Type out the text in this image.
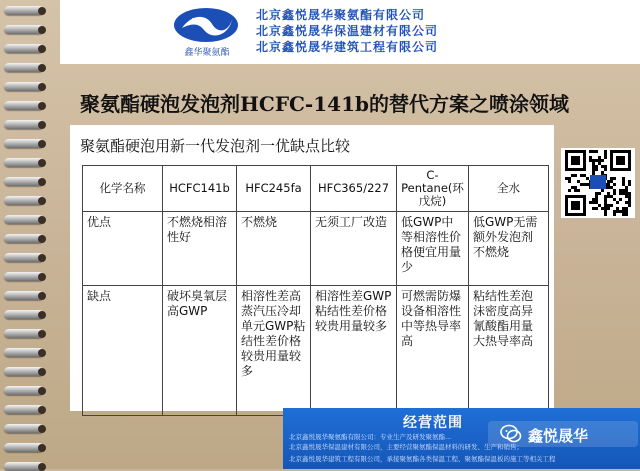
鑫华聚氨酯
北京鑫悦晟华聚氨酯有限公司
北京鑫悦晟华保温建材有限公司
北京鑫悦晟华建筑工程有限公司
聚氨酯硬泡发泡剂HCFC-141b的替代方案之喷涂领域
聚氨酯硬泡用新一代发泡剂一优缺点比较
化学名称	HCFC141b	HFC245fa	HFC365/227	C-Pentane(环戊烷)	全水
优点	不燃烧相溶性好	不燃烧	无须工厂改造	低GWP中等相溶性价格便宜用量少	低GWP无需额外发泡剂不燃烧
缺点	破坏臭氧层高GWP	相溶性差高蒸汽压冷却单元GWP粘结性差价格较贵用量较多	相溶性差GWP粘结性差价格较贵用量较多	可燃需防爆设备相溶性中等热导率高	粘结性差泡沫密度高异氰酸酯用量大热导率高
经营范围
北京鑫悦晟华聚氨酯有限公司：专业生产及研发聚氨酯...
北京鑫悦晟华保温建材有限公司，主要经营聚氨酯保温材料的研发、生产和销售；
北京鑫悦晟华建筑工程有限公司，承接聚氨酯各类保温工程、聚氨酯保温板的施工等相关工程
鑫悦晟华
